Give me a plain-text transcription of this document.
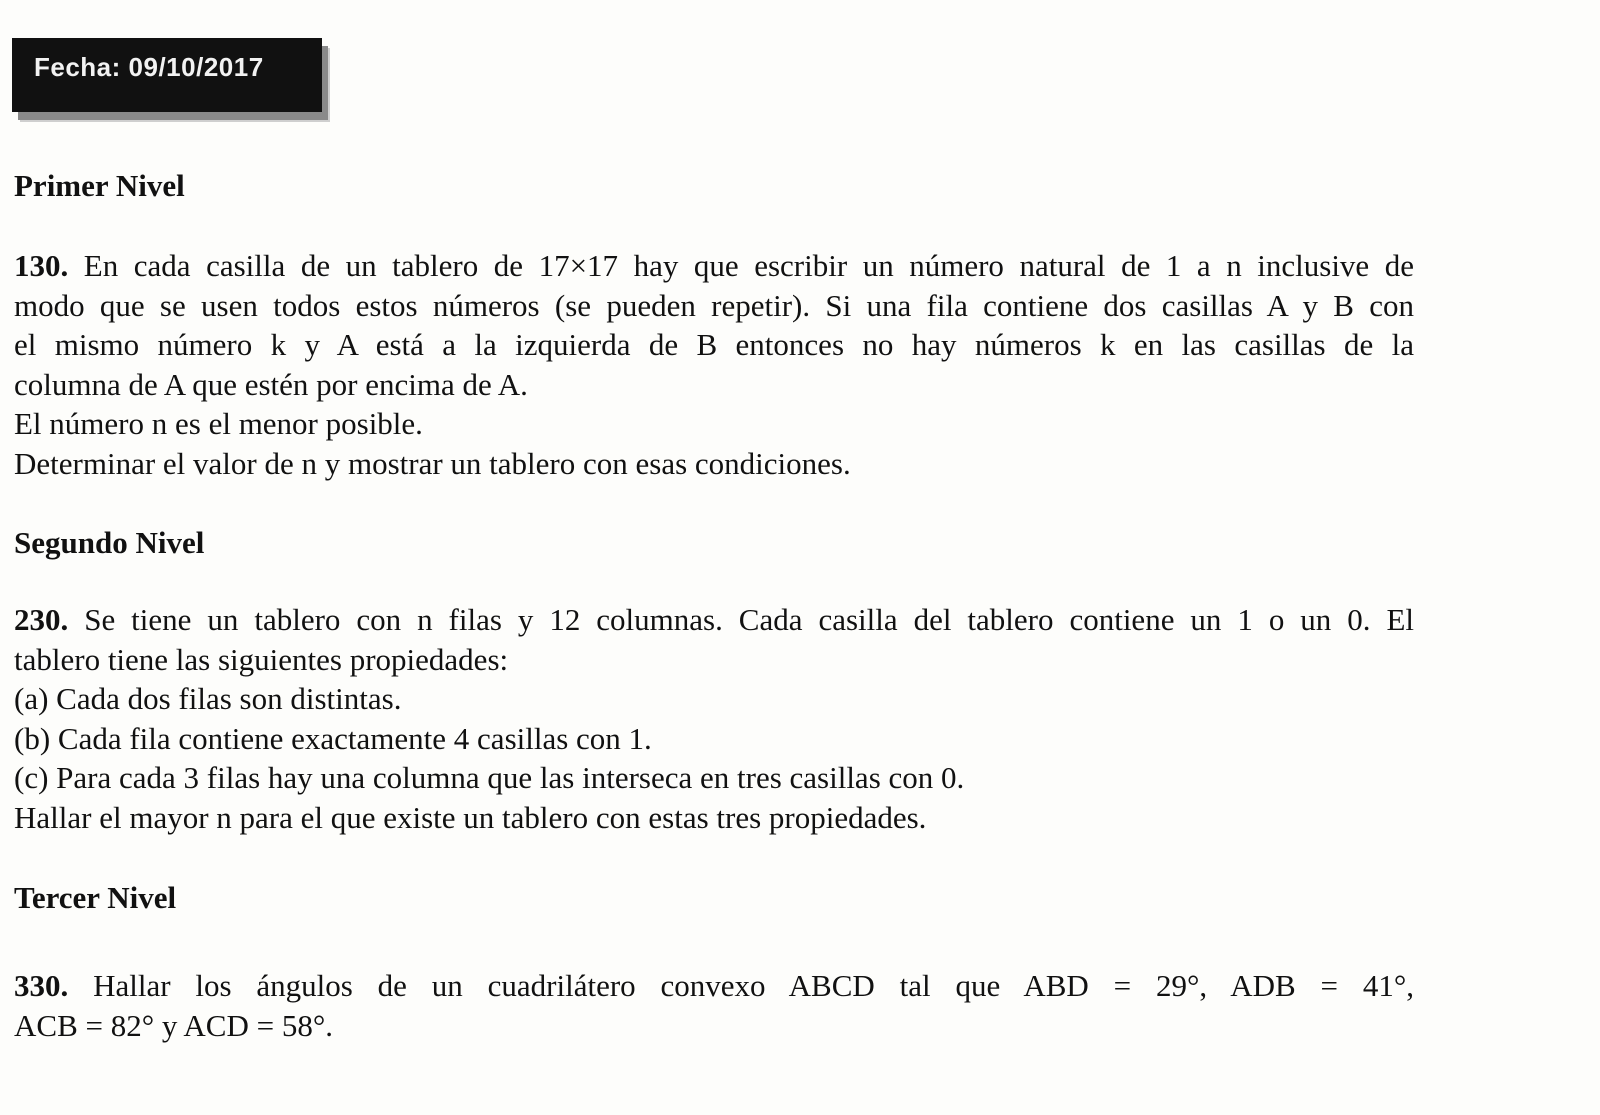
Fecha: 09/10/2017
Primer Nivel
130. En cada casilla de un tablero de 17×17 hay que escribir un número natural de 1 a n inclusive de
modo que se usen todos estos números (se pueden repetir). Si una fila contiene dos casillas A y B con
el mismo número k y A está a la izquierda de B entonces no hay números k en las casillas de la
columna de A que estén por encima de A.
El número n es el menor posible.
Determinar el valor de n y mostrar un tablero con esas condiciones.
Segundo Nivel
230. Se tiene un tablero con n filas y 12 columnas. Cada casilla del tablero contiene un 1 o un 0. El
tablero tiene las siguientes propiedades:
(a) Cada dos filas son distintas.
(b) Cada fila contiene exactamente 4 casillas con 1.
(c) Para cada 3 filas hay una columna que las interseca en tres casillas con 0.
Hallar el mayor n para el que existe un tablero con estas tres propiedades.
Tercer Nivel
330. Hallar los ángulos de un cuadrilátero convexo ABCD tal que ABD = 29°, ADB = 41°,
ACB = 82° y ACD = 58°.
